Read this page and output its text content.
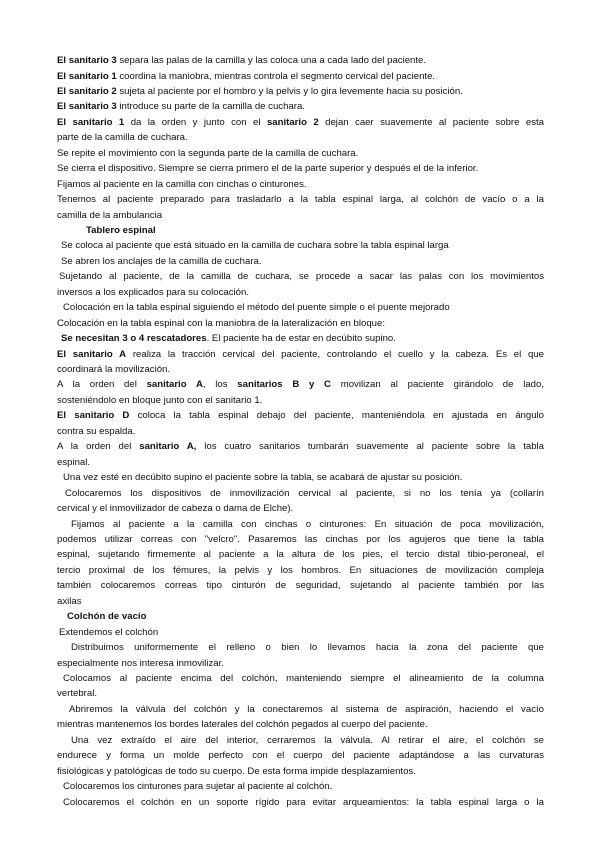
El sanitario 3 separa las palas de la camilla y las coloca una a cada lado del paciente.
El sanitario 1 coordina la maniobra, mientras controla el segmento cervical del paciente.
El sanitario 2 sujeta al paciente por el hombro y la pelvis y lo gira levemente hacia su posición.
El sanitario 3 introduce su parte de la camilla de cuchara.
El sanitario 1 da la orden y junto con el sanitario 2 dejan caer suavemente al paciente sobre esta
parte de la camilla de cuchara.
Se repite el movimiento con la segunda parte de la camilla de cuchara.
Se cierra el dispositivo. Siempre se cierra primero el de la parte superior y después el de la inferior.
Fijamos al paciente en la camilla con cinchas o cinturones.
Tenemos al paciente preparado para trasladarlo a la tabla espinal larga, al colchón de vacío o a la
camilla de la ambulancia
Tablero espinal
Se coloca al paciente que está situado en la camilla de cuchara sobre la tabla espinal larga
Se abren los anclajes de la camilla de cuchara.
Sujetando al paciente, de la camilla de cuchara, se procede a sacar las palas con los movimientos
inversos a los explicados para su colocación.
Colocación en la tabla espinal siguiendo el método del puente simple o el puente mejorado
Colocación en la tabla espinal con la maniobra de la lateralización en bloque:
Se necesitan 3 o 4 rescatadores. El paciente ha de estar en decúbito supino.
El sanitario A realiza la tracción cervical del paciente, controlando el cuello y la cabeza. Es el que
coordinará la movilización.
A la orden del sanitario A, los sanitarios B y C movilizan al paciente girándolo de lado,
sosteniéndolo en bloque junto con el sanitario 1.
El sanitario D coloca la tabla espinal debajo del paciente, manteniéndola en ajustada en ángulo
contra su espalda.
A la orden del sanitario A, los cuatro sanitarios tumbarán suavemente al paciente sobre la tabla
espinal.
Una vez esté en decúbito supino el paciente sobre la tabla, se acabará de ajustar su posición.
Colocaremos los dispositivos de inmovilización cervical al paciente, si no los tenía ya (collarín
cervical y el inmovilizador de cabeza o dama de Elche).
Fijamos al paciente a la camilla con cinchas o cinturones: En situación de poca movilización,
podemos utilizar correas con "velcro". Pasaremos las cinchas por los agujeros que tiene la tabla
espinal, sujetando firmemente al paciente a la altura de los pies, el tercio distal tibio-peroneal, el
tercio proximal de los fémures, la pelvis y los hombros. En situaciones de movilización compleja
también colocaremos correas tipo cinturón de seguridad, sujetando al paciente también por las
axilas
Colchón de vacío
Extendemos el colchón
Distribuimos uniformemente el relleno o bien lo llevamos hacia la zona del paciente que
especialmente nos interesa inmovilizar.
Colocamos al paciente encima del colchón, manteniendo siempre el alineamiento de la columna
vertebral.
Abriremos la válvula del colchón y la conectaremos al sistema de aspiración, haciendo el vacío
mientras mantenemos los bordes laterales del colchón pegados al cuerpo del paciente.
Una vez extraído el aire del interior, cerraremos la válvula. Al retirar el aire, el colchón se
endurece y forma un molde perfecto con el cuerpo del paciente adaptándose a las curvaturas
fisiológicas y patológicas de todo su cuerpo. De esta forma impide desplazamientos.
Colocaremos los cinturones para sujetar al paciente al colchón.
Colocaremos el colchón en un soporte rígido para evitar arqueamientos: la tabla espinal larga o la
